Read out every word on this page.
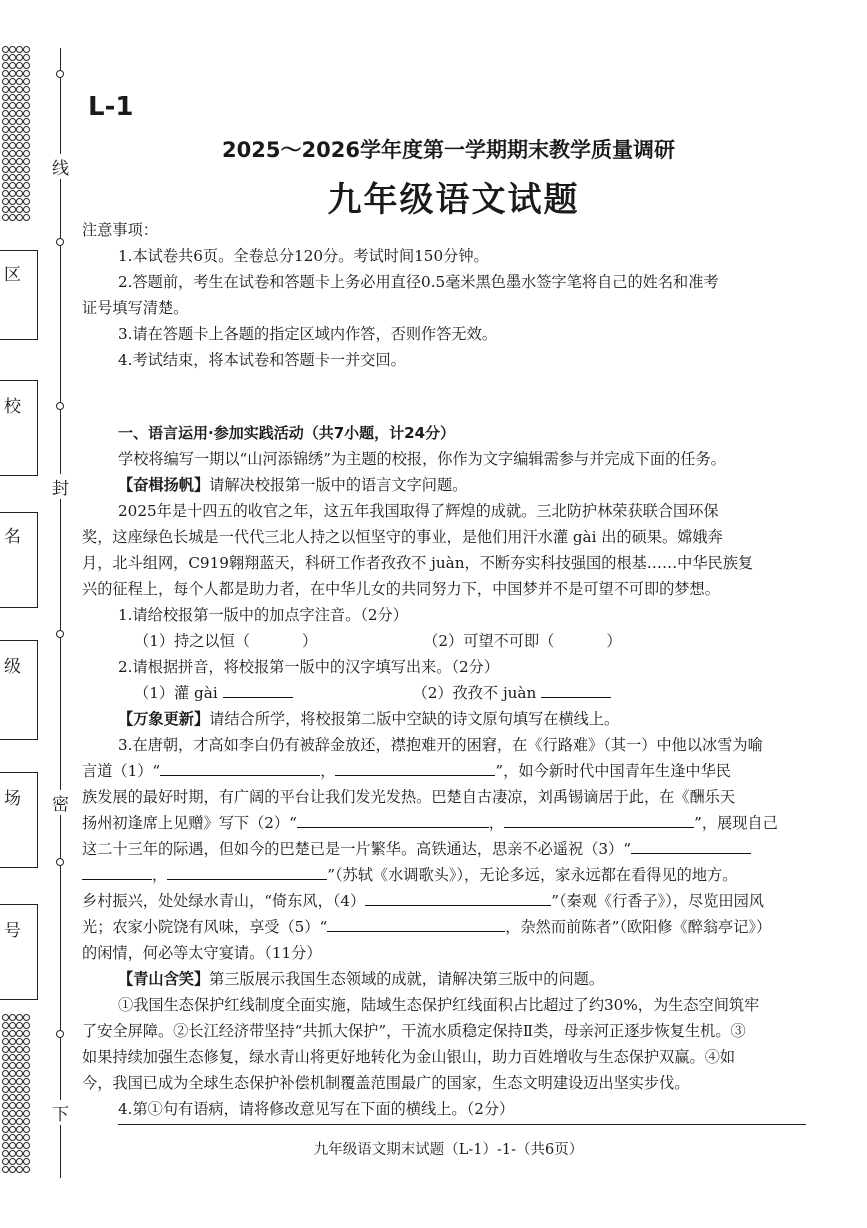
线
封
密
下
区
校
名
级
场
号
L-1
2025～2026学年度第一学期期末教学质量调研
九年级语文试题
注意事项：
1.本试卷共6页。全卷总分120分。考试时间150分钟。
2.答题前，考生在试卷和答题卡上务必用直径0.5毫米黑色墨水签字笔将自己的姓名和准考
证号填写清楚。
3.请在答题卡上各题的指定区域内作答，否则作答无效。
4.考试结束，将本试卷和答题卡一并交回。
一、语言运用·参加实践活动（共7小题，计24分）
学校将编写一期以“山河添锦绣”为主题的校报，你作为文字编辑需参与并完成下面的任务。
【奋楫扬帆】请解决校报第一版中的语言文字问题。
2025年是十四五的收官之年，这五年我国取得了辉煌的成就。三北防护林荣获联合国环保
奖，这座绿色长城是一代代三北人持之以恒坚守的事业，是他们用汗水灌 gài 出的硕果。嫦娥奔
月，北斗组网，C919翱翔蓝天，科研工作者孜孜不 juàn，不断夯实科技强国的根基……中华民族复
兴的征程上，每个人都是助力者，在中华儿女的共同努力下，中国梦并不是可望不可即的梦想。
1.请给校报第一版中的加点字注音。（2分）
（1）持之以恒（	）	（2）可望不可即（	）
2.请根据拼音，将校报第一版中的汉字填写出来。（2分）
（1）灌 gài	（2）孜孜不 juàn
【万象更新】请结合所学，将校报第二版中空缺的诗文原句填写在横线上。
3.在唐朝，才高如李白仍有被辞金放还，襟抱难开的困窘，在《行路难》（其一）中他以冰雪为喻
言道（1）“	，	”，如今新时代中国青年生逢中华民
族发展的最好时期，有广阔的平台让我们发光发热。巴楚自古凄凉，刘禹锡谪居于此，在《酬乐天
扬州初逢席上见赠》写下（2）“	，	”，展现自己
这二十三年的际遇，但如今的巴楚已是一片繁华。高铁通达，思亲不必遥祝（3）“
，	”（苏轼《水调歌头》），无论多远，家永远都在看得见的地方。
乡村振兴，处处绿水青山，“倚东风，（4）	”（秦观《行香子》），尽览田园风
光；农家小院饶有风味，享受（5）“	，杂然而前陈者”（欧阳修《醉翁亭记》）
的闲情，何必等太守宴请。（11分）
【青山含笑】第三版展示我国生态领域的成就，请解决第三版中的问题。
①我国生态保护红线制度全面实施，陆域生态保护红线面积占比超过了约30%，为生态空间筑牢
了安全屏障。②长江经济带坚持“共抓大保护”，干流水质稳定保持Ⅱ类，母亲河正逐步恢复生机。③
如果持续加强生态修复，绿水青山将更好地转化为金山银山，助力百姓增收与生态保护双赢。④如
今，我国已成为全球生态保护补偿机制覆盖范围最广的国家，生态文明建设迈出坚实步伐。
4.第①句有语病，请将修改意见写在下面的横线上。（2分）
九年级语文期末试题（L-1）-1-（共6页）
